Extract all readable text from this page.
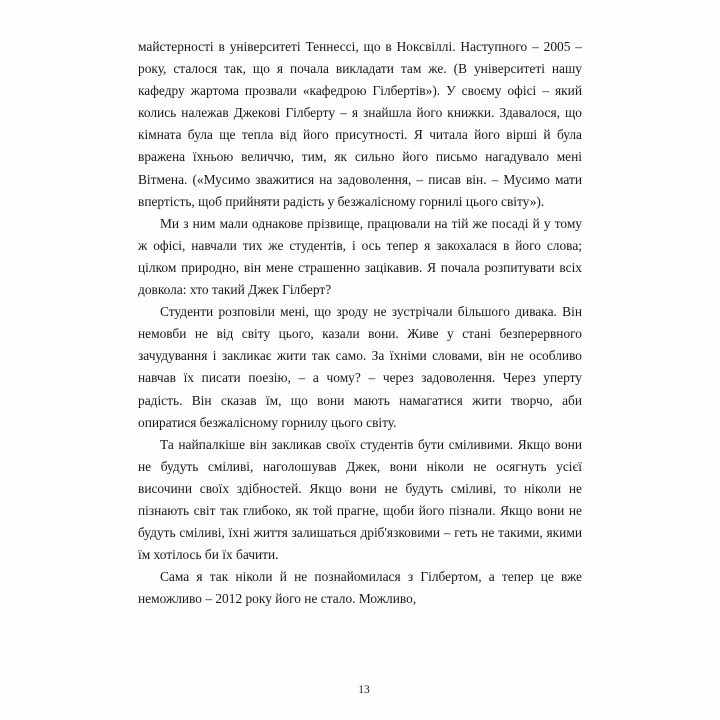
майстерності в університеті Теннессі, що в Ноксвіллі. Наступного – 2005 – року, сталося так, що я почала викладати там же. (В університеті нашу кафедру жартома прозвали «кафедрою Гілбертів»). У своєму офісі – який колись належав Джекові Гілберту – я знайшла його книжки. Здавалося, що кімната була ще тепла від його присутності. Я читала його вірші й була вражена їхньою величчю, тим, як сильно його письмо нагадувало мені Вітмена. («Мусимо зважитися на задоволення, – писав він. – Мусимо мати впертість, щоб прийняти радість у безжалісному горнилі цього світу»).

Ми з ним мали однакове прізвище, працювали на тій же посаді й у тому ж офісі, навчали тих же студентів, і ось тепер я закохалася в його слова; цілком природно, він мене страшенно зацікавив. Я почала розпитувати всіх довкола: хто такий Джек Гілберт?

Студенти розповіли мені, що зроду не зустрічали більшого дивака. Він немовби не від світу цього, казали вони. Живе у стані безперервного зачудування і закликає жити так само. За їхніми словами, він не особливо навчав їх писати поезію, – а чому? – через задоволення. Через уперту радість. Він сказав їм, що вони мають намагатися жити творчо, аби опиратися безжалісному горнилу цього світу.

Та найпалкіше він закликав своїх студентів бути сміливими. Якщо вони не будуть сміливі, наголошував Джек, вони ніколи не осягнуть усієї височини своїх здібностей. Якщо вони не будуть сміливі, то ніколи не пізнають світ так глибоко, як той прагне, щоби його пізнали. Якщо вони не будуть сміливі, їхні життя залишаться дріб'язковими – геть не такими, якими їм хотілось би їх бачити.

Сама я так ніколи й не познайомилася з Гілбертом, а тепер це вже неможливо – 2012 року його не стало. Можливо,

13
